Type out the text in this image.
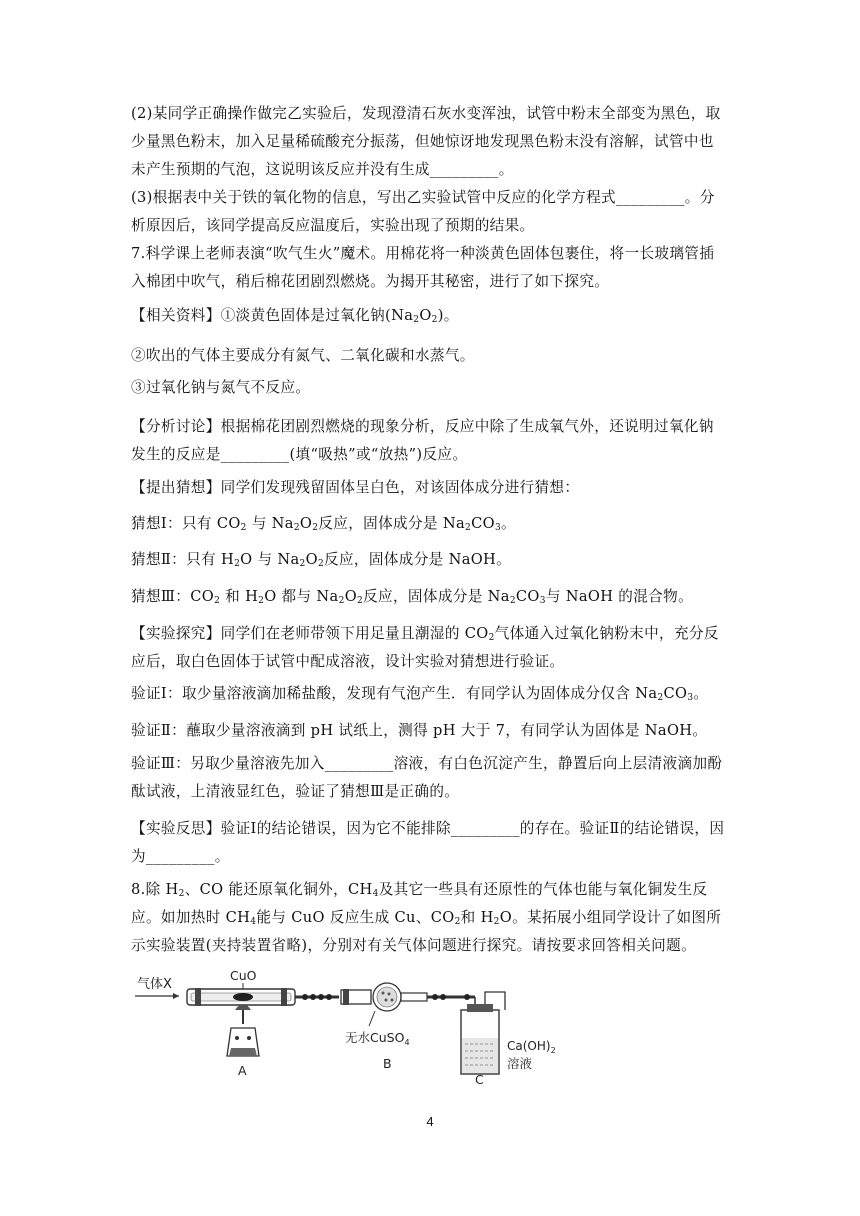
(2)某同学正确操作做完乙实验后，发现澄清石灰水变浑浊，试管中粉末全部变为黑色，取少量黑色粉末，加入足量稀硫酸充分振荡，但她惊讶地发现黑色粉末没有溶解，试管中也未产生预期的气泡，这说明该反应并没有生成_________。

(3)根据表中关于铁的氧化物的信息，写出乙实验试管中反应的化学方程式_________。分析原因后，该同学提高反应温度后，实验出现了预期的结果。

7.科学课上老师表演“吹气生火”魔术。用棉花将一种淡黄色固体包裹住，将一长玻璃管插入棉团中吹气，稍后棉花团剧烈燃烧。为揭开其秘密，进行了如下探究。

【相关资料】①淡黄色固体是过氧化钠$(Na_2O_2)$。

②吹出的气体主要成分有氮气、二氧化碳和水蒸气。

③过氧化钠与氮气不反应。

【分析讨论】根据棉花团剧烈燃烧的现象分析，反应中除了生成氧气外，还说明过氧化钠发生的反应是_________(填“吸热”或“放热”)反应。

【提出猜想】同学们发现残留固体呈白色，对该固体成分进行猜想：

猜想Ⅰ：只有 $CO_2$ 与 $Na_2O_2$反应，固体成分是 $Na_2CO_3$。

猜想Ⅱ：只有 $H_2O$ 与 $Na_2O_2$反应，固体成分是 NaOH。

猜想Ⅲ：$CO_2$ 和 $H_2O$ 都与 $Na_2O_2$反应，固体成分是 $Na_2CO_3$与 NaOH 的混合物。

【实验探究】同学们在老师带领下用足量且潮湿的 $CO_2$气体通入过氧化钠粉末中，充分反应后，取白色固体于试管中配成溶液，设计实验对猜想进行验证。

验证Ⅰ：取少量溶液滴加稀盐酸，发现有气泡产生．有同学认为固体成分仅含 $Na_2CO_3$。

验证Ⅱ：蘸取少量溶液滴到 pH 试纸上，测得 pH 大于 7，有同学认为固体是 NaOH。

验证Ⅲ：另取少量溶液先加入_________溶液，有白色沉淀产生，静置后向上层清液滴加酚酞试液，上清液显红色，验证了猜想Ⅲ是正确的。

【实验反思】验证Ⅰ的结论错误，因为它不能排除_________的存在。验证Ⅱ的结论错误，因为_________。

8.除 $H_2$、CO 能还原氧化铜外，$CH_4$及其它一些具有还原性的气体也能与氧化铜发生反应。如加热时 $CH_4$能与 CuO 反应生成 Cu、$CO_2$和 $H_2O$。某拓展小组同学设计了如图所示实验装置(夹持装置省略)，分别对有关气体问题进行探究。请按要求回答相关问题。

气体X
CuO
A
无水CuSO$_4$
B
$Ca(OH)_2$
溶液
C
4
